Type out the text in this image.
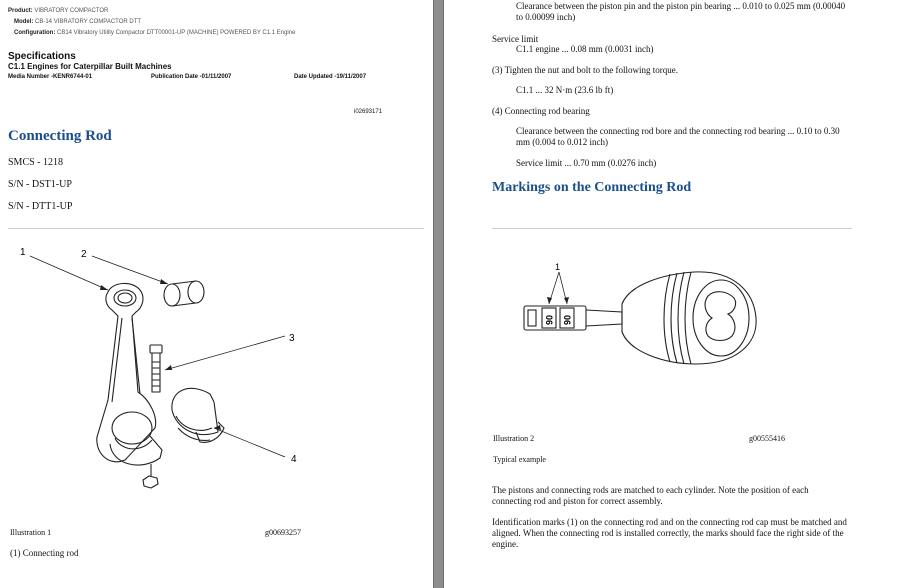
Product: VIBRATORY COMPACTOR
Model: CB-14 VIBRATORY COMPACTOR DTT
Configuration: CB14 Vibratory Utility Compactor DTT00001-UP (MACHINE) POWERED BY C1.1 Engine
Specifications
C1.1 Engines for Caterpillar Built Machines
Media Number -KENR6744-01	Publication Date -01/11/2007	Date Updated -19/11/2007
i02693171
Connecting Rod
SMCS - 1218
S/N - DST1-UP
S/N - DTT1-UP
1	2
3
4
Illustration 1	g00693257
(1) Connecting rod
Clearance between the piston pin and the piston pin bearing ... 0.010 to 0.025 mm (0.00040
to 0.00099 inch)
Service limit
C1.1 engine ... 0.08 mm (0.0031 inch)
(3) Tighten the nut and bolt to the following torque.
C1.1 ... 32 N·m (23.6 lb ft)
(4) Connecting rod bearing
Clearance between the connecting rod bore and the connecting rod bearing ... 0.10 to 0.30
mm (0.004 to 0.012 inch)
Service limit ... 0.70 mm (0.0276 inch)
Markings on the Connecting Rod
1
06 06
Illustration 2	g00555416
Typical example
The pistons and connecting rods are matched to each cylinder. Note the position of each
connecting rod and piston for correct assembly.
Identification marks (1) on the connecting rod and on the connecting rod cap must be matched and
aligned. When the connecting rod is installed correctly, the marks should face the right side of the
engine.
